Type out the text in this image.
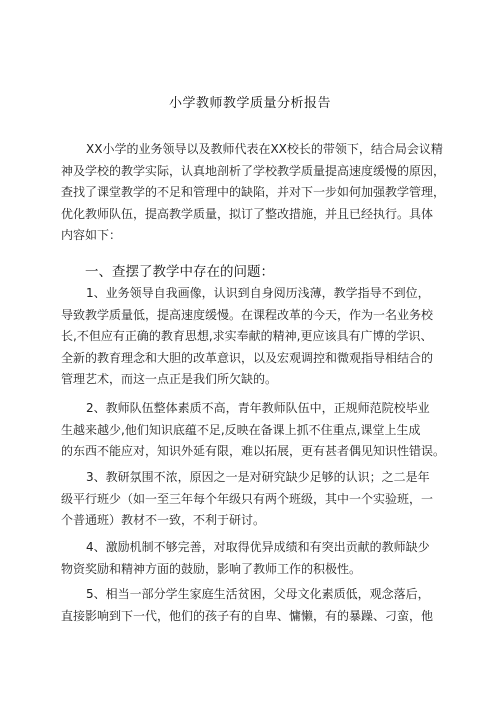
小学教师教学质量分析报告
XX小学的业务领导以及教师代表在XX校长的带领下，结合局会议精
神及学校的教学实际，认真地剖析了学校教学质量提高速度缓慢的原因，
查找了课堂教学的不足和管理中的缺陷，并对下一步如何加强教学管理，
优化教师队伍，提高教学质量，拟订了整改措施，并且已经执行。具体
内容如下：
一、查摆了教学中存在的问题：
1、业务领导自我画像，认识到自身阅历浅薄，教学指导不到位，
导致教学质量低，提高速度缓慢。在课程改革的今天，作为一名业务校
长,不但应有正确的教育思想,求实奉献的精神,更应该具有广博的学识、
全新的教育理念和大胆的改革意识，以及宏观调控和微观指导相结合的
管理艺术，而这一点正是我们所欠缺的。
2、教师队伍整体素质不高，青年教师队伍中，正规师范院校毕业
生越来越少,他们知识底蕴不足,反映在备课上抓不住重点,课堂上生成
的东西不能应对，知识外延有限，难以拓展，更有甚者偶见知识性错误。
3、教研氛围不浓，原因之一是对研究缺少足够的认识；之二是年
级平行班少（如一至三年每个年级只有两个班级，其中一个实验班，一
个普通班）教材不一致，不利于研讨。
4、激励机制不够完善，对取得优异成绩和有突出贡献的教师缺少
物资奖励和精神方面的鼓励，影响了教师工作的积极性。
5、相当一部分学生家庭生活贫困，父母文化素质低，观念落后，
直接影响到下一代，他们的孩子有的自卑、慵懒，有的暴躁、刁蛮，他
